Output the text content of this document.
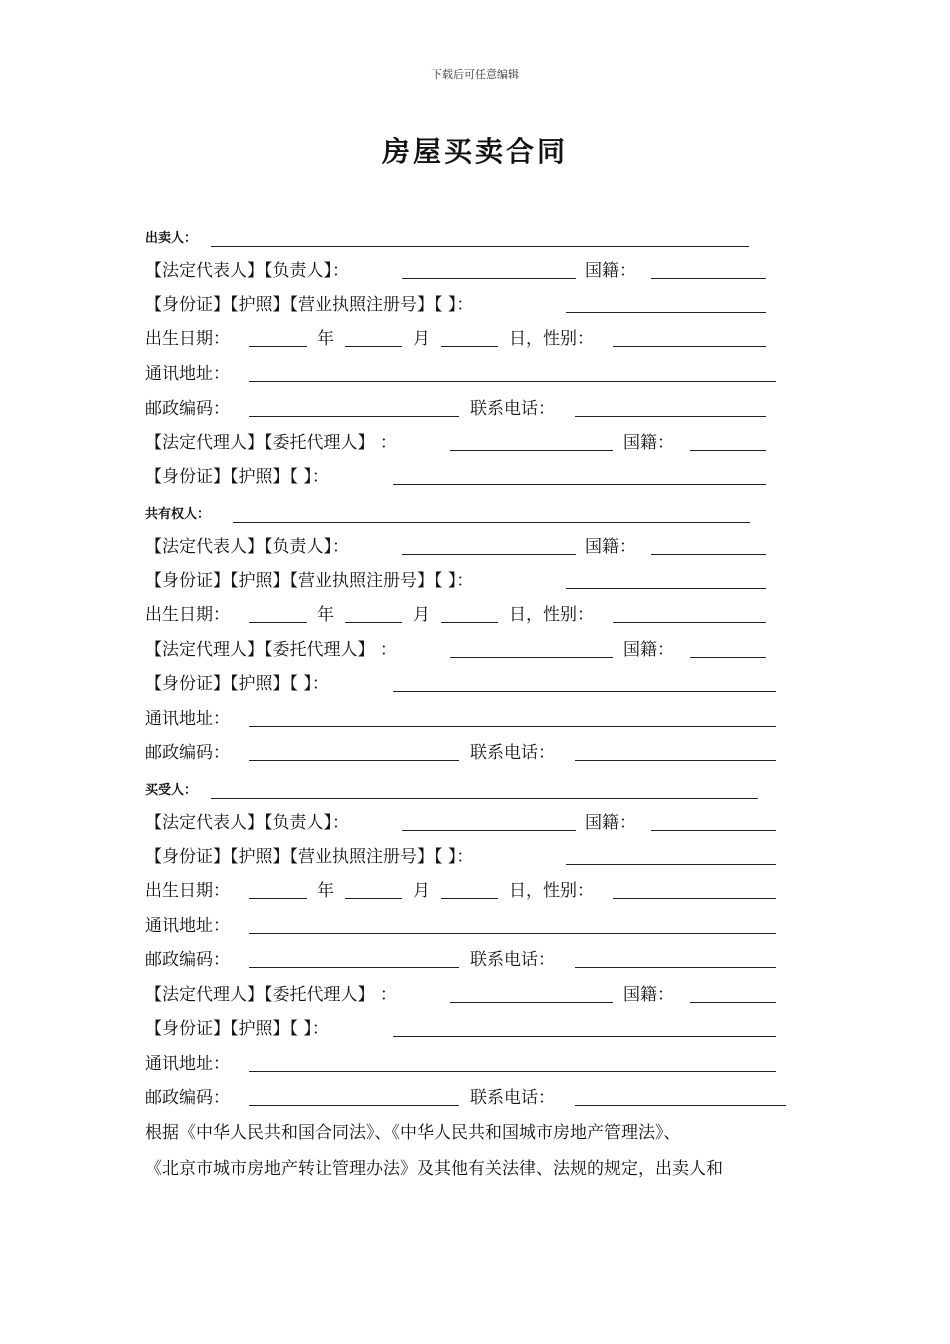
下载后可任意编辑
房屋买卖合同
出卖人：
【法定代表人】【负责人】：	国籍：
【身份证】【护照】【营业执照注册号】【 】：
出生日期：	年	月	日，性别：
通讯地址：
邮政编码：	联系电话：
【法定代理人】【委托代理人】 ：	国籍：
【身份证】【护照】【 】：
共有权人：
【法定代表人】【负责人】：	国籍：
【身份证】【护照】【营业执照注册号】【 】：
出生日期：	年	月	日，性别：
【法定代理人】【委托代理人】 ：	国籍：
【身份证】【护照】【 】：
通讯地址：
邮政编码：	联系电话：
买受人：
【法定代表人】【负责人】：	国籍：
【身份证】【护照】【营业执照注册号】【 】：
出生日期：	年	月	日，性别：
通讯地址：
邮政编码：	联系电话：
【法定代理人】【委托代理人】 ：	国籍：
【身份证】【护照】【 】：
通讯地址：
邮政编码：	联系电话：
根据《中华人民共和国合同法》、《中华人民共和国城市房地产管理法》、
《北京市城市房地产转让管理办法》及其他有关法律、法规的规定，出卖人和
